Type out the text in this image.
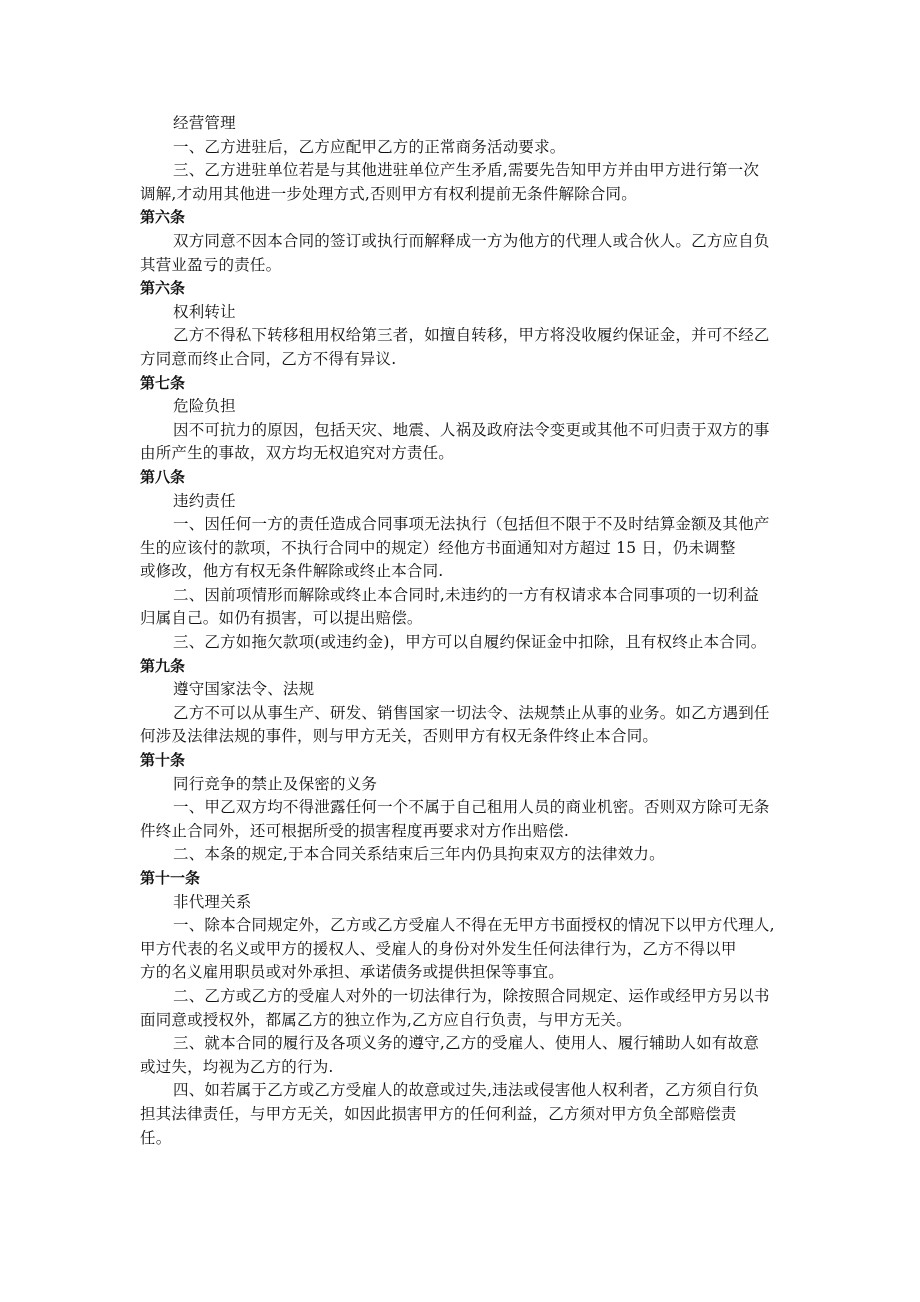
经营管理
一、乙方进驻后，乙方应配甲乙方的正常商务活动要求。
三、乙方进驻单位若是与其他进驻单位产生矛盾,需要先告知甲方并由甲方进行第一次
调解,才动用其他进一步处理方式,否则甲方有权利提前无条件解除合同。
第六条
双方同意不因本合同的签订或执行而解释成一方为他方的代理人或合伙人。乙方应自负
其营业盈亏的责任。
第六条
权利转让
乙方不得私下转移租用权给第三者，如擅自转移，甲方将没收履约保证金，并可不经乙
方同意而终止合同，乙方不得有异议.
第七条
危险负担
因不可抗力的原因，包括天灾、地震、人祸及政府法令变更或其他不可归责于双方的事
由所产生的事故，双方均无权追究对方责任。
第八条
违约责任
一、因任何一方的责任造成合同事项无法执行（包括但不限于不及时结算金额及其他产
生的应该付的款项，不执行合同中的规定）经他方书面通知对方超过 15 日，仍未调整
或修改，他方有权无条件解除或终止本合同.
二、因前项情形而解除或终止本合同时,未违约的一方有权请求本合同事项的一切利益
归属自己。如仍有损害，可以提出赔偿。
三、乙方如拖欠款项(或违约金)，甲方可以自履约保证金中扣除，且有权终止本合同。
第九条
遵守国家法令、法规
乙方不可以从事生产、研发、销售国家一切法令、法规禁止从事的业务。如乙方遇到任
何涉及法律法规的事件，则与甲方无关，否则甲方有权无条件终止本合同。
第十条
同行竞争的禁止及保密的义务
一、甲乙双方均不得泄露任何一个不属于自己租用人员的商业机密。否则双方除可无条
件终止合同外，还可根据所受的损害程度再要求对方作出赔偿.
二、本条的规定,于本合同关系结束后三年内仍具拘束双方的法律效力。
第十一条
非代理关系
一、除本合同规定外，乙方或乙方受雇人不得在无甲方书面授权的情况下以甲方代理人,
甲方代表的名义或甲方的援权人、受雇人的身份对外发生任何法律行为，乙方不得以甲
方的名义雇用职员或对外承担、承诺债务或提供担保等事宜。
二、乙方或乙方的受雇人对外的一切法律行为，除按照合同规定、运作或经甲方另以书
面同意或授权外，都属乙方的独立作为,乙方应自行负责，与甲方无关。
三、就本合同的履行及各项义务的遵守,乙方的受雇人、使用人、履行辅助人如有故意
或过失，均视为乙方的行为.
四、如若属于乙方或乙方受雇人的故意或过失,违法或侵害他人权利者，乙方须自行负
担其法律责任，与甲方无关，如因此损害甲方的任何利益，乙方须对甲方负全部赔偿责
任。
